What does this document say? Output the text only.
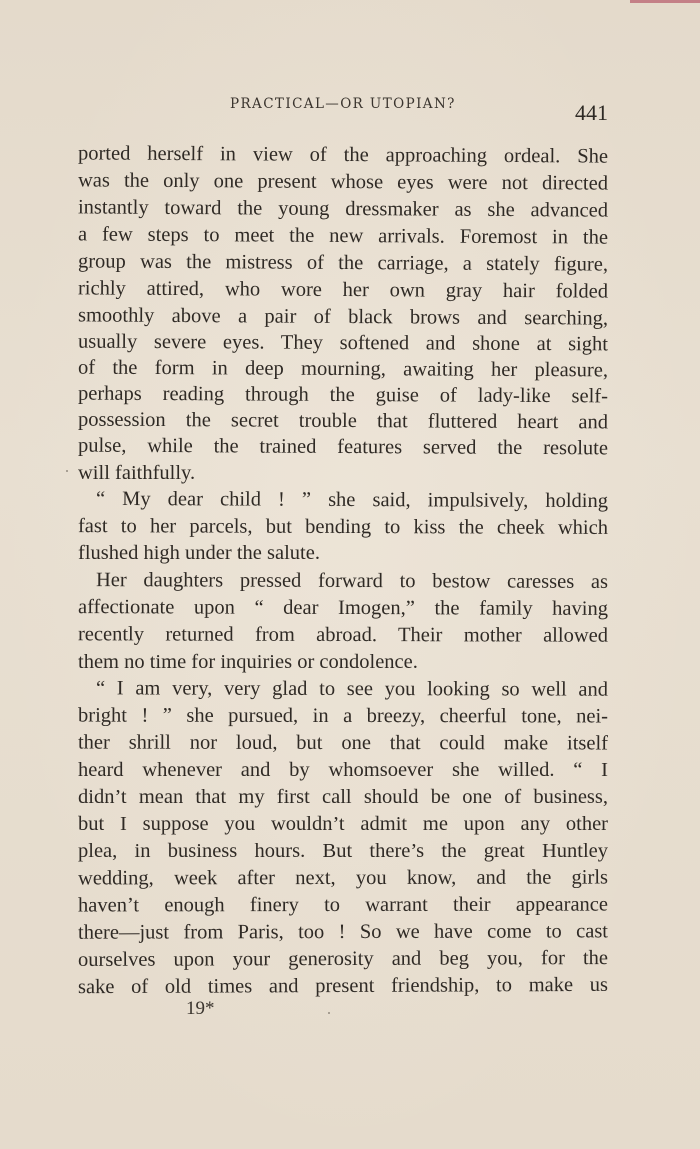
PRACTICAL—OR UTOPIAN?	441
ported herself in view of the approaching ordeal. She
was the only one present whose eyes were not directed
instantly toward the young dressmaker as she advanced
a few steps to meet the new arrivals. Foremost in the
group was the mistress of the carriage, a stately figure,
richly attired, who wore her own gray hair folded
smoothly above a pair of black brows and searching,
usually severe eyes. They softened and shone at sight
of the form in deep mourning, awaiting her pleasure,
perhaps reading through the guise of lady-like self-
possession the secret trouble that fluttered heart and
pulse, while the trained features served the resolute
will faithfully.
“ My dear child ! ” she said, impulsively, holding
fast to her parcels, but bending to kiss the cheek which
flushed high under the salute.
Her daughters pressed forward to bestow caresses as
affectionate upon “ dear Imogen,” the family having
recently returned from abroad. Their mother allowed
them no time for inquiries or condolence.
“ I am very, very glad to see you looking so well and
bright ! ” she pursued, in a breezy, cheerful tone, nei-
ther shrill nor loud, but one that could make itself
heard whenever and by whomsoever she willed. “ I
didn’t mean that my first call should be one of business,
but I suppose you wouldn’t admit me upon any other
plea, in business hours. But there’s the great Huntley
wedding, week after next, you know, and the girls
haven’t enough finery to warrant their appearance
there—just from Paris, too ! So we have come to cast
ourselves upon your generosity and beg you, for the
sake of old times and present friendship, to make us
19*
